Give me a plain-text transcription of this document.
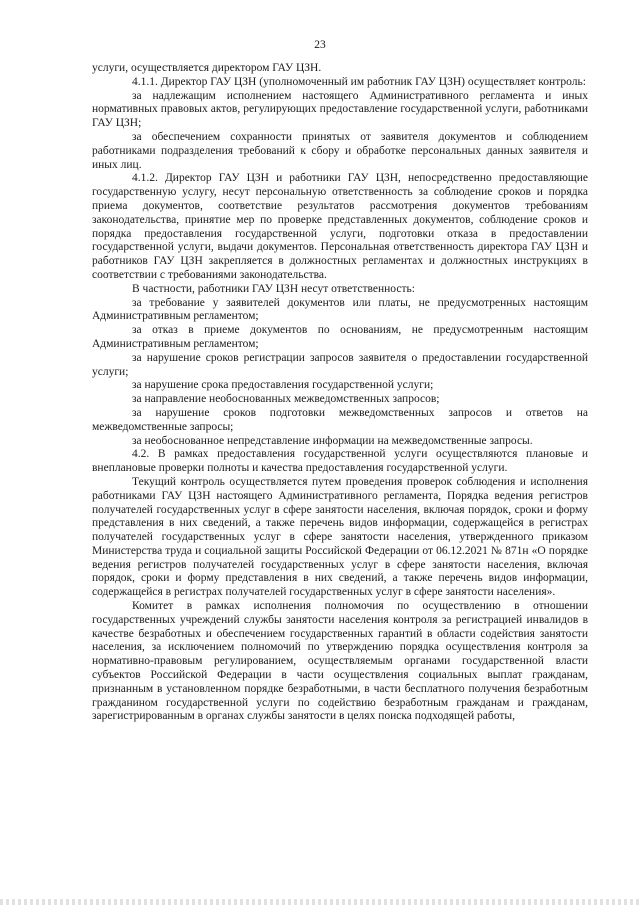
23

услуги, осуществляется директором ГАУ ЦЗН.

4.1.1. Директор ГАУ ЦЗН (уполномоченный им работник ГАУ ЦЗН) осуществляет контроль:

за надлежащим исполнением настоящего Административного регламента и иных нормативных правовых актов, регулирующих предоставление государственной услуги, работниками ГАУ ЦЗН;

за обеспечением сохранности принятых от заявителя документов и соблюдением работниками подразделения требований к сбору и обработке персональных данных заявителя и иных лиц.

4.1.2. Директор ГАУ ЦЗН и работники ГАУ ЦЗН, непосредственно предоставляющие государственную услугу, несут персональную ответственность за соблюдение сроков и порядка приема документов, соответствие результатов рассмотрения документов требованиям законодательства, принятие мер по проверке представленных документов, соблюдение сроков и порядка предоставления государственной услуги, подготовки отказа в предоставлении государственной услуги, выдачи документов. Персональная ответственность директора ГАУ ЦЗН и работников ГАУ ЦЗН закрепляется в должностных регламентах и должностных инструкциях в соответствии с требованиями законодательства.

В частности, работники ГАУ ЦЗН несут ответственность:

за требование у заявителей документов или платы, не предусмотренных настоящим Административным регламентом;

за отказ в приеме документов по основаниям, не предусмотренным настоящим Административным регламентом;

за нарушение сроков регистрации запросов заявителя о предоставлении государственной услуги;

за нарушение срока предоставления государственной услуги;

за направление необоснованных межведомственных запросов;

за нарушение сроков подготовки межведомственных запросов и ответов на межведомственные запросы;

за необоснованное непредставление информации на межведомственные запросы.

4.2. В рамках предоставления государственной услуги осуществляются плановые и внеплановые проверки полноты и качества предоставления государственной услуги.

Текущий контроль осуществляется путем проведения проверок соблюдения и исполнения работниками ГАУ ЦЗН настоящего Административного регламента, Порядка ведения регистров получателей государственных услуг в сфере занятости населения, включая порядок, сроки и форму представления в них сведений, а также перечень видов информации, содержащейся в регистрах получателей государственных услуг в сфере занятости населения, утвержденного приказом Министерства труда и социальной защиты Российской Федерации от 06.12.2021 № 871н «О порядке ведения регистров получателей государственных услуг в сфере занятости населения, включая порядок, сроки и форму представления в них сведений, а также перечень видов информации, содержащейся в регистрах получателей государственных услуг в сфере занятости населения».

Комитет в рамках исполнения полномочия по осуществлению в отношении государственных учреждений службы занятости населения контроля за регистрацией инвалидов в качестве безработных и обеспечением государственных гарантий в области содействия занятости населения, за исключением полномочий по утверждению порядка осуществления контроля за нормативно-правовым регулированием, осуществляемым органами государственной власти субъектов Российской Федерации в части осуществления социальных выплат гражданам, признанным в установленном порядке безработными, в части бесплатного получения безработным гражданином государственной услуги по содействию безработным гражданам и гражданам, зарегистрированным в органах службы занятости в целях поиска подходящей работы,
